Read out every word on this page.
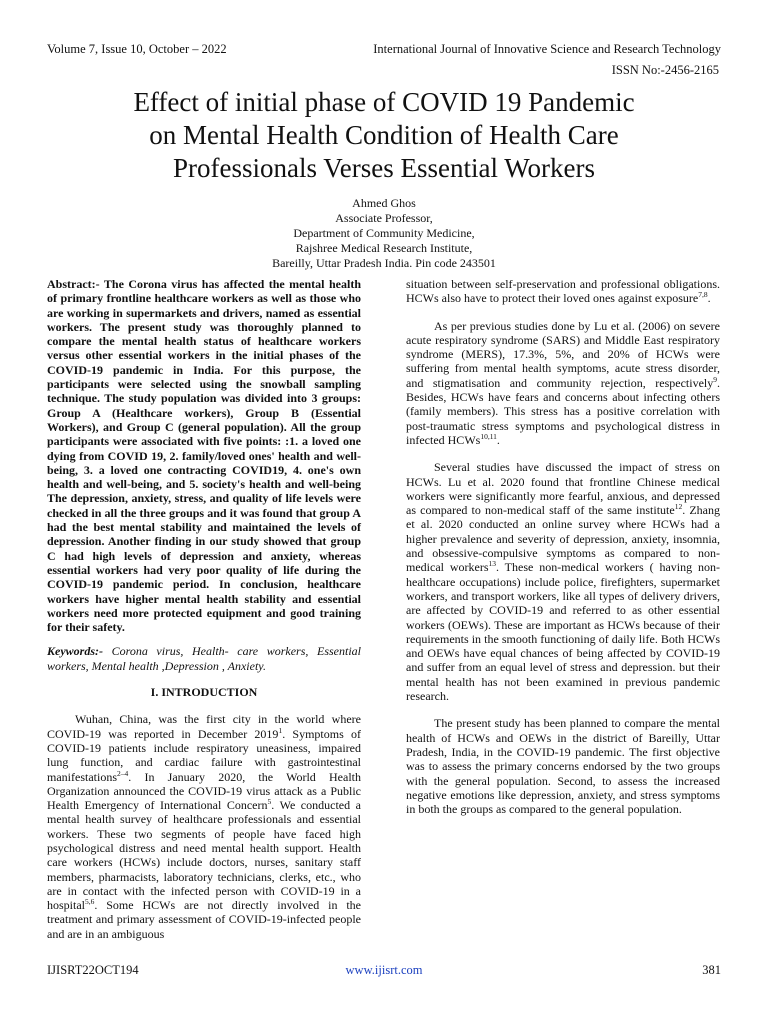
Volume 7, Issue 10, October – 2022	International Journal of Innovative Science and Research Technology
ISSN No:-2456-2165
Effect of initial phase of COVID 19 Pandemic
on Mental Health Condition of Health Care
Professionals Verses Essential Workers
Ahmed Ghos
Associate Professor,
Department of Community Medicine,
Rajshree Medical Research Institute,
Bareilly, Uttar Pradesh India. Pin code 243501

Abstract:- The Corona virus has affected the mental health of primary frontline healthcare workers as well as those who are working in supermarkets and drivers, named as essential workers. The present study was thoroughly planned to compare the mental health status of healthcare workers versus other essential workers in the initial phases of the COVID-19 pandemic in India. For this purpose, the participants were selected using the snowball sampling technique. The study population was divided into 3 groups: Group A (Healthcare workers), Group B (Essential Workers), and Group C (general population). All the group participants were associated with five points: :1. a loved one dying from COVID 19, 2. family/loved ones' health and well-being, 3. a loved one contracting COVID19, 4. one's own health and well-being, and 5. society's health and well-being The depression, anxiety, stress, and quality of life levels were checked in all the three groups and it was found that group A had the best mental stability and maintained the levels of depression. Another finding in our study showed that group C had high levels of depression and anxiety, whereas essential workers had very poor quality of life during the COVID-19 pandemic period. In conclusion, healthcare workers have higher mental health stability and essential workers need more protected equipment and good training for their safety.

Keywords:- Corona virus, Health- care workers, Essential workers, Mental health ,Depression , Anxiety.

I. INTRODUCTION

Wuhan, China, was the first city in the world where COVID-19 was reported in December 2019$^1$. Symptoms of COVID-19 patients include respiratory uneasiness, impaired lung function, and cardiac failure with gastrointestinal manifestations$^{2-4}$. In January 2020, the World Health Organization announced the COVID-19 virus attack as a Public Health Emergency of International Concern$^5$. We conducted a mental health survey of healthcare professionals and essential workers. These two segments of people have faced high psychological distress and need mental health support. Health care workers (HCWs) include doctors, nurses, sanitary staff members, pharmacists, laboratory technicians, clerks, etc., who are in contact with the infected person with COVID-19 in a hospital$^{5,6}$. Some HCWs are not directly involved in the treatment and primary assessment of COVID-19-infected people and are in an ambiguous

situation between self-preservation and professional obligations. HCWs also have to protect their loved ones against exposure$^{7,8}$.

As per previous studies done by Lu et al. (2006) on severe acute respiratory syndrome (SARS) and Middle East respiratory syndrome (MERS), 17.3%, 5%, and 20% of HCWs were suffering from mental health symptoms, acute stress disorder, and stigmatisation and community rejection, respectively$^9$. Besides, HCWs have fears and concerns about infecting others (family members). This stress has a positive correlation with post-traumatic stress symptoms and psychological distress in infected HCWs$^{10,11}$.

Several studies have discussed the impact of stress on HCWs. Lu et al. 2020 found that frontline Chinese medical workers were significantly more fearful, anxious, and depressed as compared to non-medical staff of the same institute$^{12}$. Zhang et al. 2020 conducted an online survey where HCWs had a higher prevalence and severity of depression, anxiety, insomnia, and obsessive-compulsive symptoms as compared to non-medical workers$^{13}$. These non-medical workers ( having non-healthcare occupations) include police, firefighters, supermarket workers, and transport workers, like all types of delivery drivers, are affected by COVID-19 and referred to as other essential workers (OEWs). These are important as HCWs because of their requirements in the smooth functioning of daily life. Both HCWs and OEWs have equal chances of being affected by COVID-19 and suffer from an equal level of stress and depression. but their mental health has not been examined in previous pandemic research.

The present study has been planned to compare the mental health of HCWs and OEWs in the district of Bareilly, Uttar Pradesh, India, in the COVID-19 pandemic. The first objective was to assess the primary concerns endorsed by the two groups with the general population. Second, to assess the increased negative emotions like depression, anxiety, and stress symptoms in both the groups as compared to the general population.

IJISRT22OCT194	www.ijisrt.com	381
